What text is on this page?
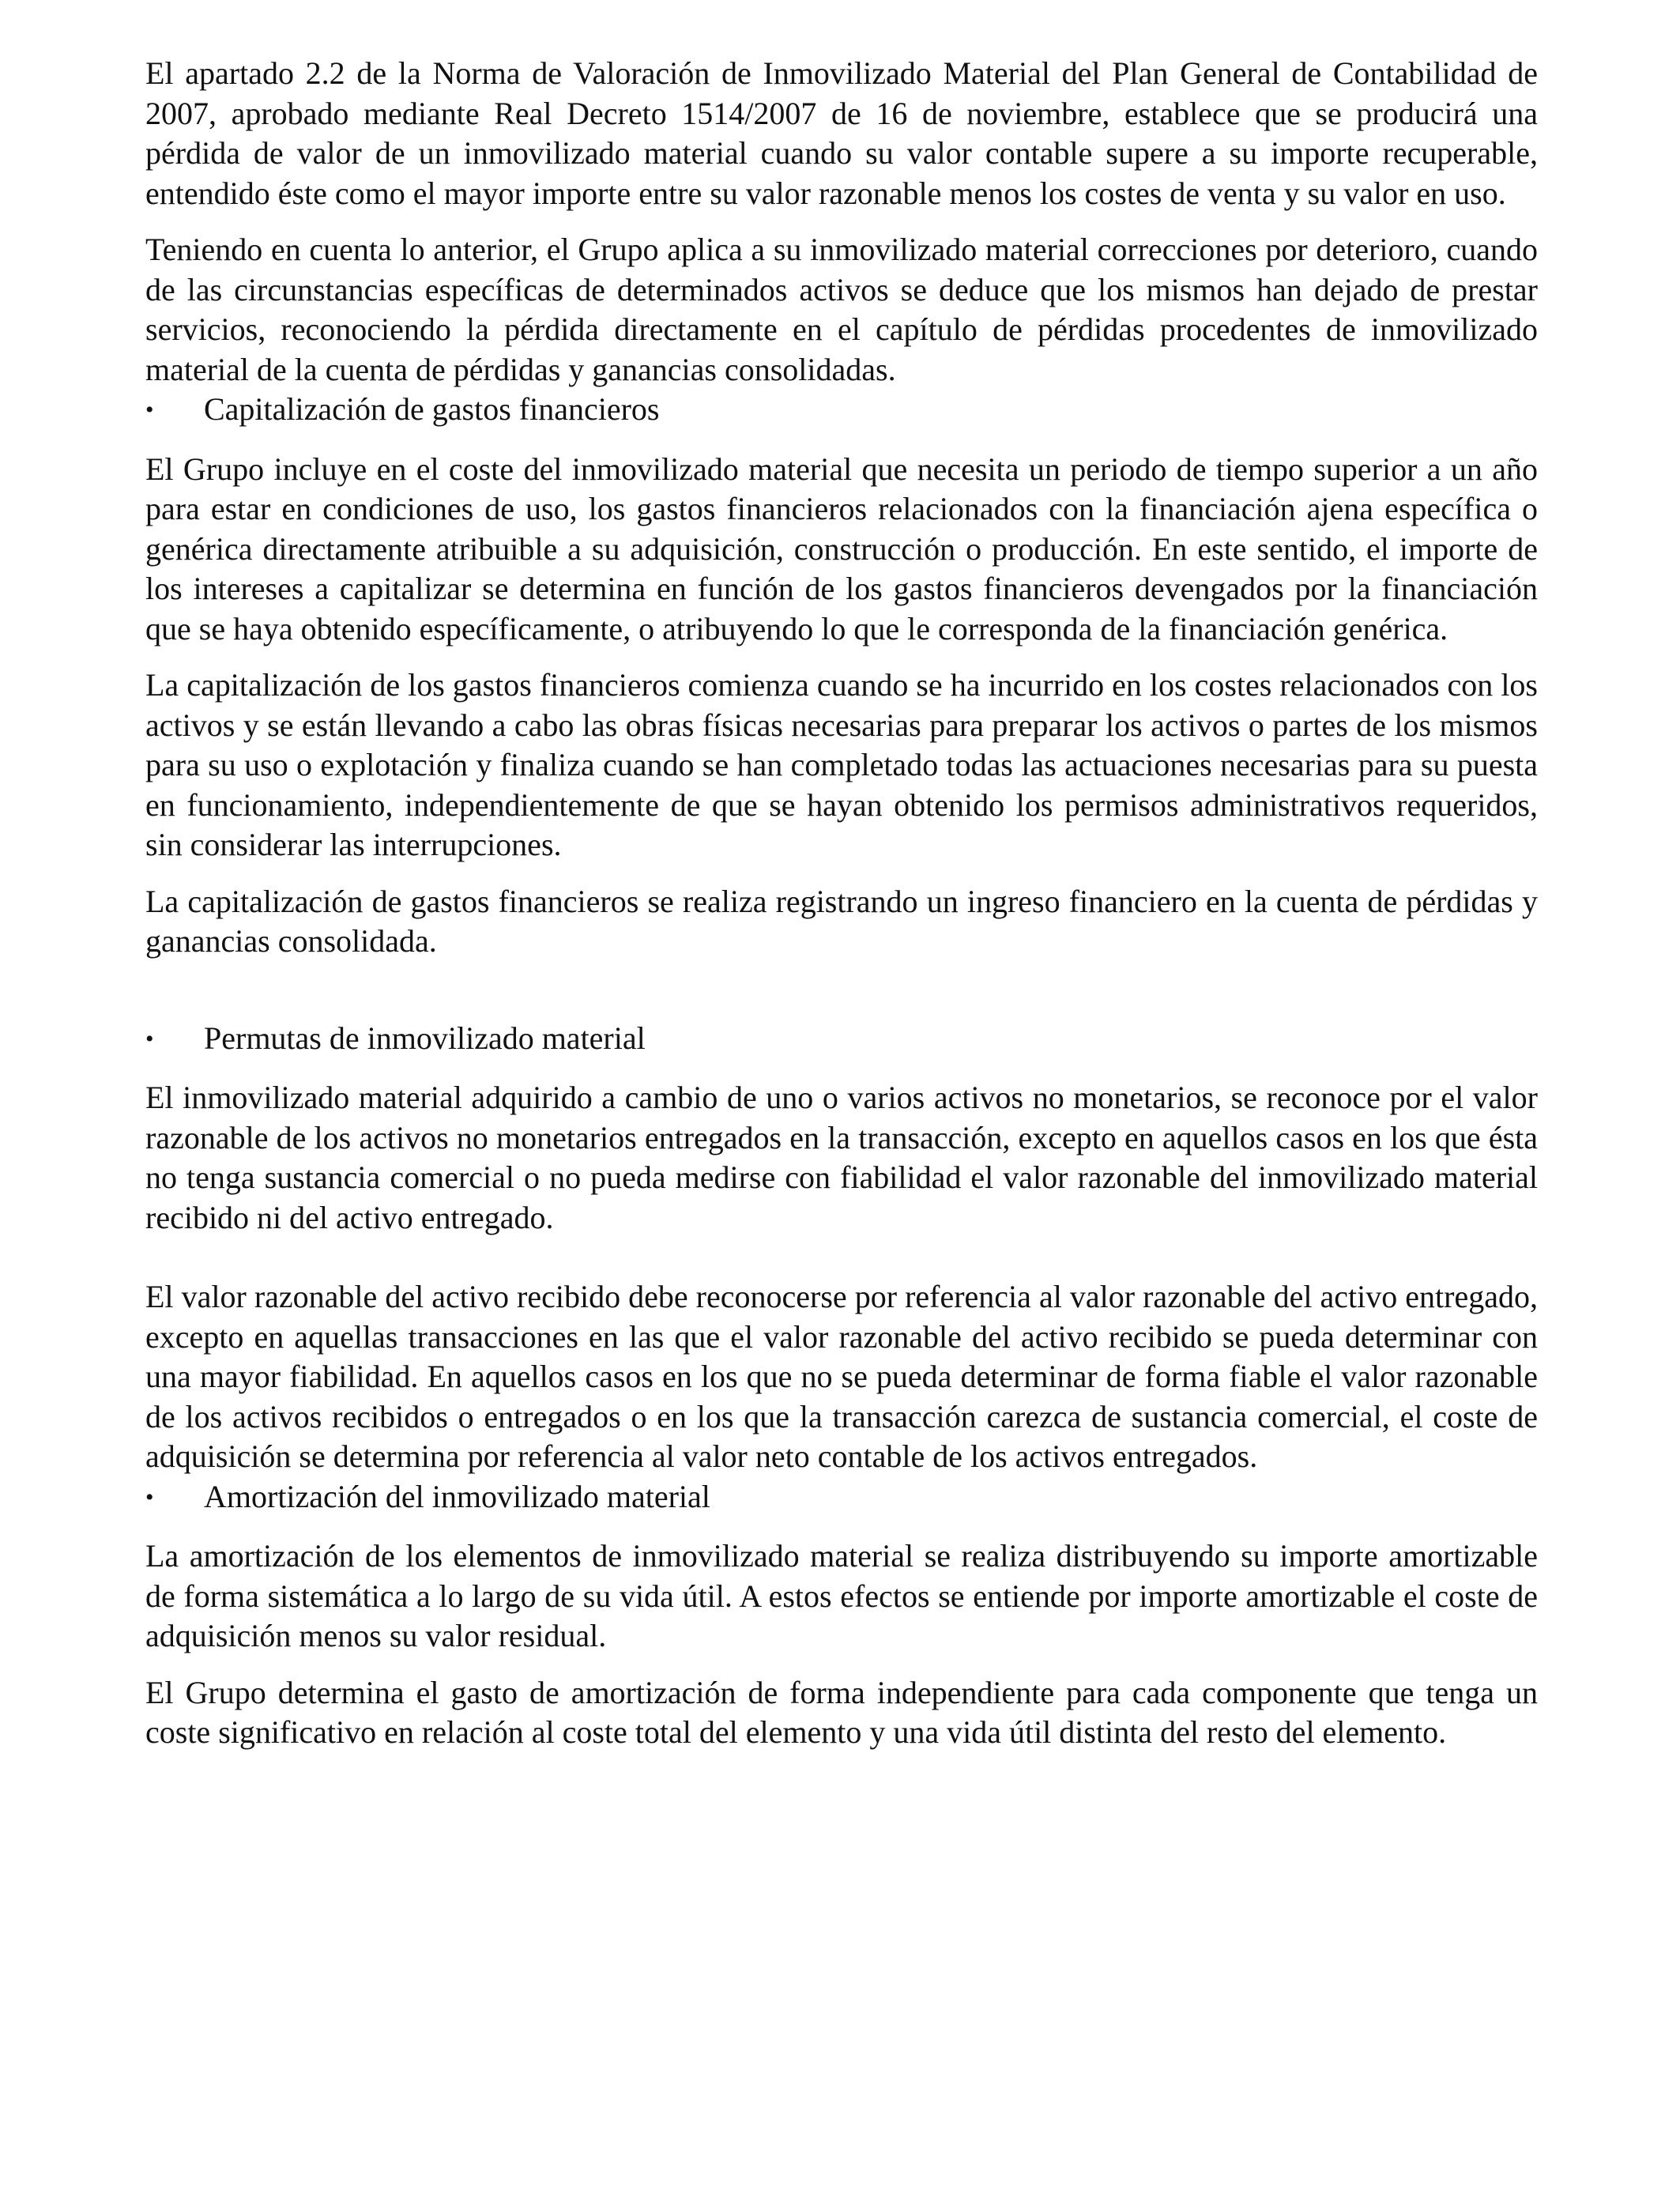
El apartado 2.2 de la Norma de Valoración de Inmovilizado Material del Plan General de Contabilidad de 2007, aprobado mediante Real Decreto 1514/2007 de 16 de noviembre, establece que se producirá una pérdida de valor de un inmovilizado material cuando su valor contable supere a su importe recuperable, entendido éste como el mayor importe entre su valor razonable menos los costes de venta y su valor en uso.

Teniendo en cuenta lo anterior, el Grupo aplica a su inmovilizado material correcciones por deterioro, cuando de las circunstancias específicas de determinados activos se deduce que los mismos han dejado de prestar servicios, reconociendo la pérdida directamente en el capítulo de pérdidas procedentes de inmovilizado material de la cuenta de pérdidas y ganancias consolidadas.

•	Capitalización de gastos financieros

El Grupo incluye en el coste del inmovilizado material que necesita un periodo de tiempo superior a un año para estar en condiciones de uso, los gastos financieros relacionados con la financiación ajena específica o genérica directamente atribuible a su adquisición, construcción o producción. En este sentido, el importe de los intereses a capitalizar se determina en función de los gastos financieros devengados por la financiación que se haya obtenido específicamente, o atribuyendo lo que le corresponda de la financiación genérica.

La capitalización de los gastos financieros comienza cuando se ha incurrido en los costes relacionados con los activos y se están llevando a cabo las obras físicas necesarias para preparar los activos o partes de los mismos para su uso o explotación y finaliza cuando se han completado todas las actuaciones necesarias para su puesta en funcionamiento, independientemente de que se hayan obtenido los permisos administrativos requeridos, sin considerar las interrupciones.

La capitalización de gastos financieros se realiza registrando un ingreso financiero en la cuenta de pérdidas y ganancias consolidada.

•	Permutas de inmovilizado material

El inmovilizado material adquirido a cambio de uno o varios activos no monetarios, se reconoce por el valor razonable de los activos no monetarios entregados en la transacción, excepto en aquellos casos en los que ésta no tenga sustancia comercial o no pueda medirse con fiabilidad el valor razonable del inmovilizado material recibido ni del activo entregado.

El valor razonable del activo recibido debe reconocerse por referencia al valor razonable del activo entregado, excepto en aquellas transacciones en las que el valor razonable del activo recibido se pueda determinar con una mayor fiabilidad. En aquellos casos en los que no se pueda determinar de forma fiable el valor razonable de los activos recibidos o entregados o en los que la transacción carezca de sustancia comercial, el coste de adquisición se determina por referencia al valor neto contable de los activos entregados.

•	Amortización del inmovilizado material

La amortización de los elementos de inmovilizado material se realiza distribuyendo su importe amortizable de forma sistemática a lo largo de su vida útil. A estos efectos se entiende por importe amortizable el coste de adquisición menos su valor residual.

El Grupo determina el gasto de amortización de forma independiente para cada componente que tenga un coste significativo en relación al coste total del elemento y una vida útil distinta del resto del elemento.
